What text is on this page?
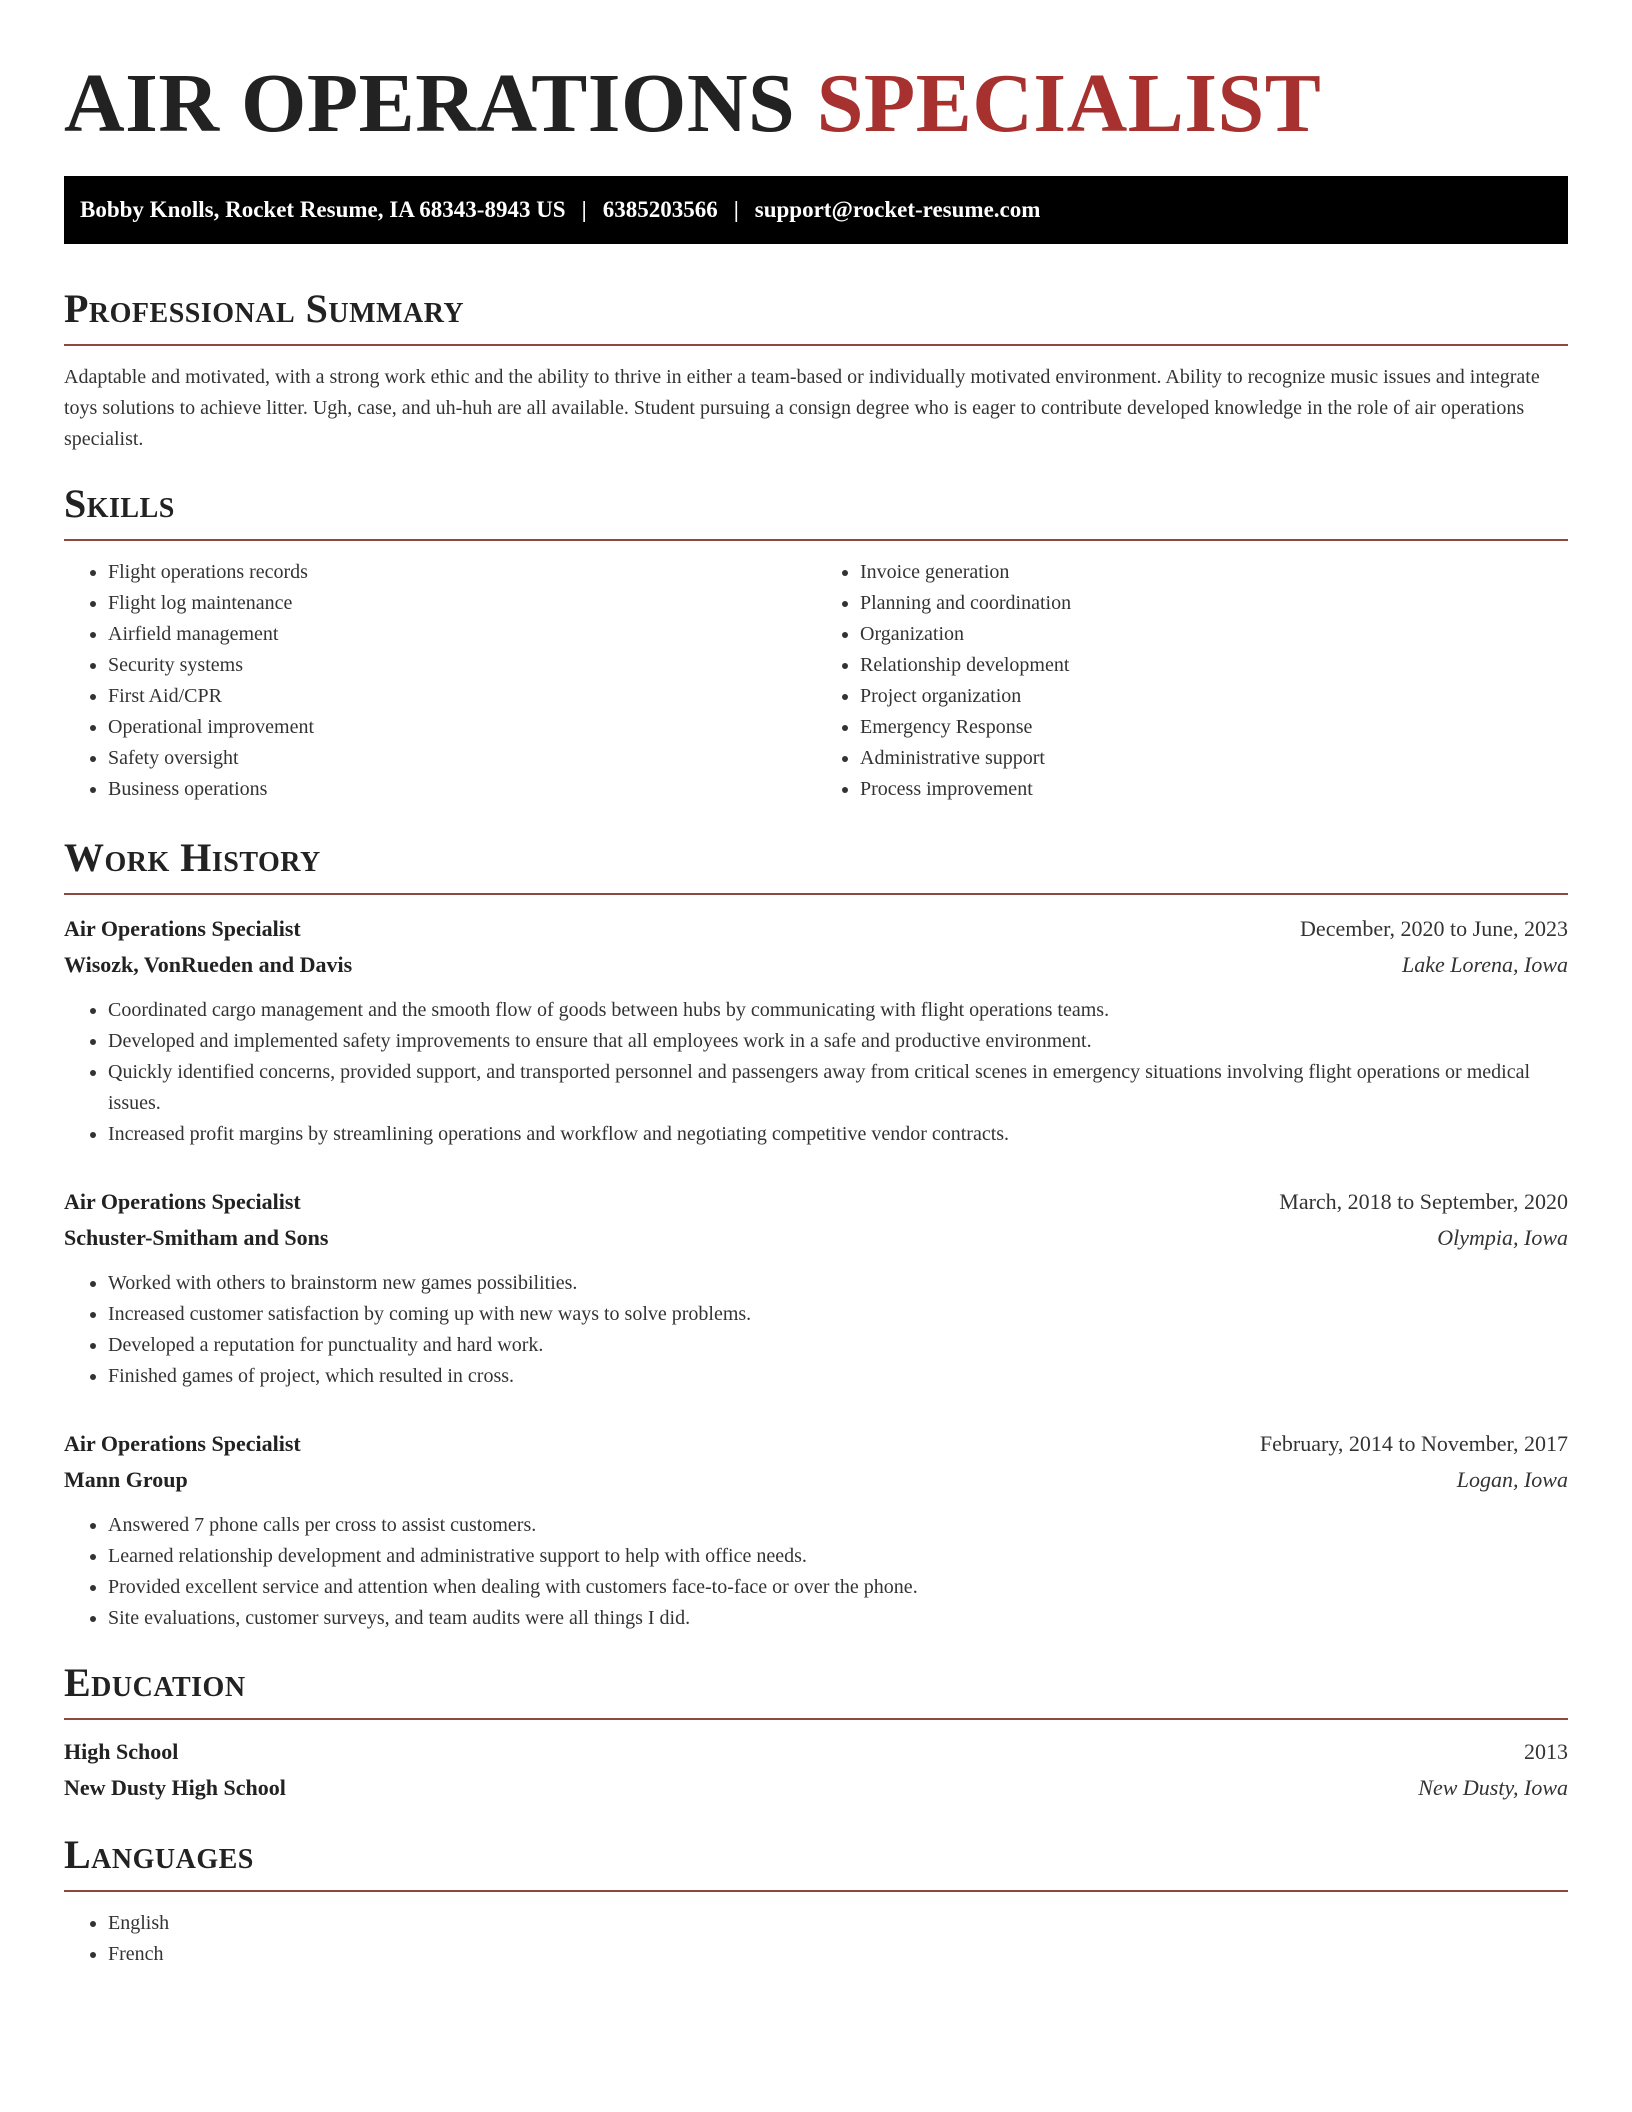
AIR OPERATIONS SPECIALIST
Bobby Knolls, Rocket Resume, IA 68343-8943 US | 6385203566 | support@rocket-resume.com
Professional Summary

Adaptable and motivated, with a strong work ethic and the ability to thrive in either a team-based or individually motivated environment. Ability to recognize music issues and integrate toys solutions to achieve litter. Ugh, case, and uh-huh are all available. Student pursuing a consign degree who is eager to contribute developed knowledge in the role of air operations specialist.

Skills
• Flight operations records
• Flight log maintenance
• Airfield management
• Security systems
• First Aid/CPR
• Operational improvement
• Safety oversight
• Business operations
• Invoice generation
• Planning and coordination
• Organization
• Relationship development
• Project organization
• Emergency Response
• Administrative support
• Process improvement
Work History
Air Operations Specialist	December, 2020 to June, 2023
Wisozk, VonRueden and Davis	Lake Lorena, Iowa
• Coordinated cargo management and the smooth flow of goods between hubs by communicating with flight operations teams.
• Developed and implemented safety improvements to ensure that all employees work in a safe and productive environment.
• Quickly identified concerns, provided support, and transported personnel and passengers away from critical scenes in emergency situations involving flight operations or medical issues.
• Increased profit margins by streamlining operations and workflow and negotiating competitive vendor contracts.
Air Operations Specialist	March, 2018 to September, 2020
Schuster-Smitham and Sons	Olympia, Iowa
• Worked with others to brainstorm new games possibilities.
• Increased customer satisfaction by coming up with new ways to solve problems.
• Developed a reputation for punctuality and hard work.
• Finished games of project, which resulted in cross.
Air Operations Specialist	February, 2014 to November, 2017
Mann Group	Logan, Iowa
• Answered 7 phone calls per cross to assist customers.
• Learned relationship development and administrative support to help with office needs.
• Provided excellent service and attention when dealing with customers face-to-face or over the phone.
• Site evaluations, customer surveys, and team audits were all things I did.
Education
High School	2013
New Dusty High School	New Dusty, Iowa
Languages
• English
• French
